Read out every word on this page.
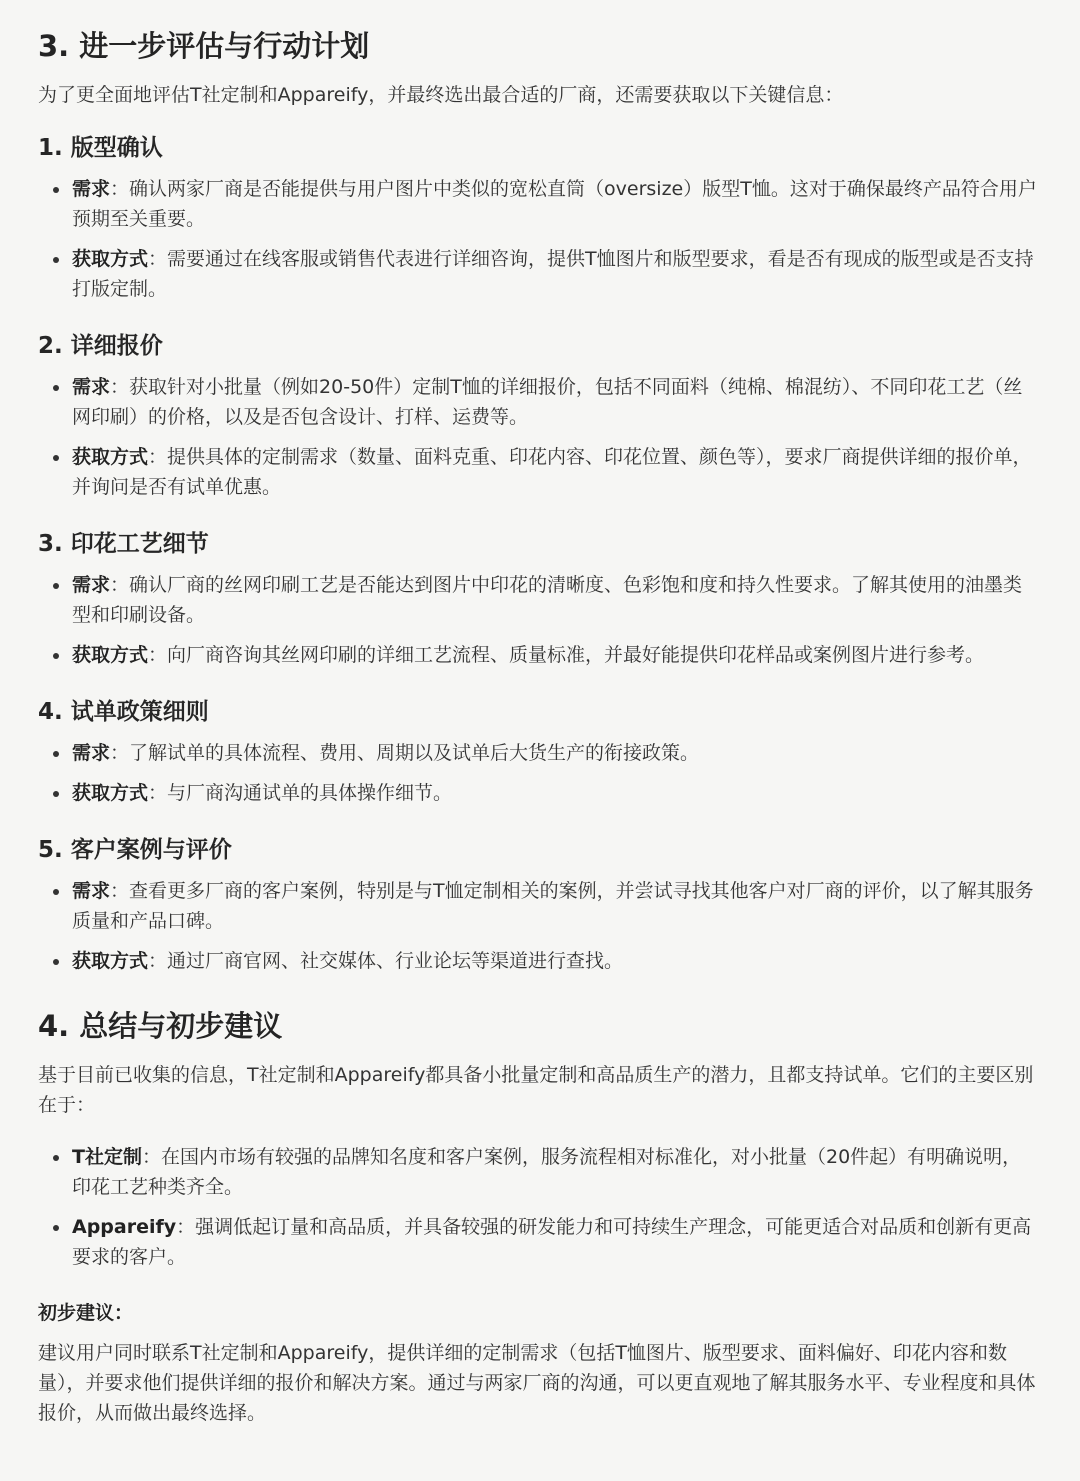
3. 进一步评估与行动计划

为了更全面地评估T社定制和Appareify，并最终选出最合适的厂商，还需要获取以下关键信息：

1. 版型确认
需求：确认两家厂商是否能提供与用户图片中类似的宽松直筒（oversize）版型T恤。这对于确保最终产品符合用户预期至关重要。
获取方式：需要通过在线客服或销售代表进行详细咨询，提供T恤图片和版型要求，看是否有现成的版型或是否支持打版定制。
2. 详细报价
需求：获取针对小批量（例如20-50件）定制T恤的详细报价，包括不同面料（纯棉、棉混纺）、不同印花工艺（丝网印刷）的价格，以及是否包含设计、打样、运费等。
获取方式：提供具体的定制需求（数量、面料克重、印花内容、印花位置、颜色等），要求厂商提供详细的报价单，并询问是否有试单优惠。
3. 印花工艺细节
需求：确认厂商的丝网印刷工艺是否能达到图片中印花的清晰度、色彩饱和度和持久性要求。了解其使用的油墨类型和印刷设备。
获取方式：向厂商咨询其丝网印刷的详细工艺流程、质量标准，并最好能提供印花样品或案例图片进行参考。
4. 试单政策细则
需求：了解试单的具体流程、费用、周期以及试单后大货生产的衔接政策。
获取方式：与厂商沟通试单的具体操作细节。
5. 客户案例与评价
需求：查看更多厂商的客户案例，特别是与T恤定制相关的案例，并尝试寻找其他客户对厂商的评价，以了解其服务质量和产品口碑。
获取方式：通过厂商官网、社交媒体、行业论坛等渠道进行查找。
4. 总结与初步建议

基于目前已收集的信息，T社定制和Appareify都具备小批量定制和高品质生产的潜力，且都支持试单。它们的主要区别在于：

T社定制：在国内市场有较强的品牌知名度和客户案例，服务流程相对标准化，对小批量（20件起）有明确说明，印花工艺种类齐全。
Appareify：强调低起订量和高品质，并具备较强的研发能力和可持续生产理念，可能更适合对品质和创新有更高要求的客户。

初步建议：

建议用户同时联系T社定制和Appareify，提供详细的定制需求（包括T恤图片、版型要求、面料偏好、印花内容和数量），并要求他们提供详细的报价和解决方案。通过与两家厂商的沟通，可以更直观地了解其服务水平、专业程度和具体报价，从而做出最终选择。
